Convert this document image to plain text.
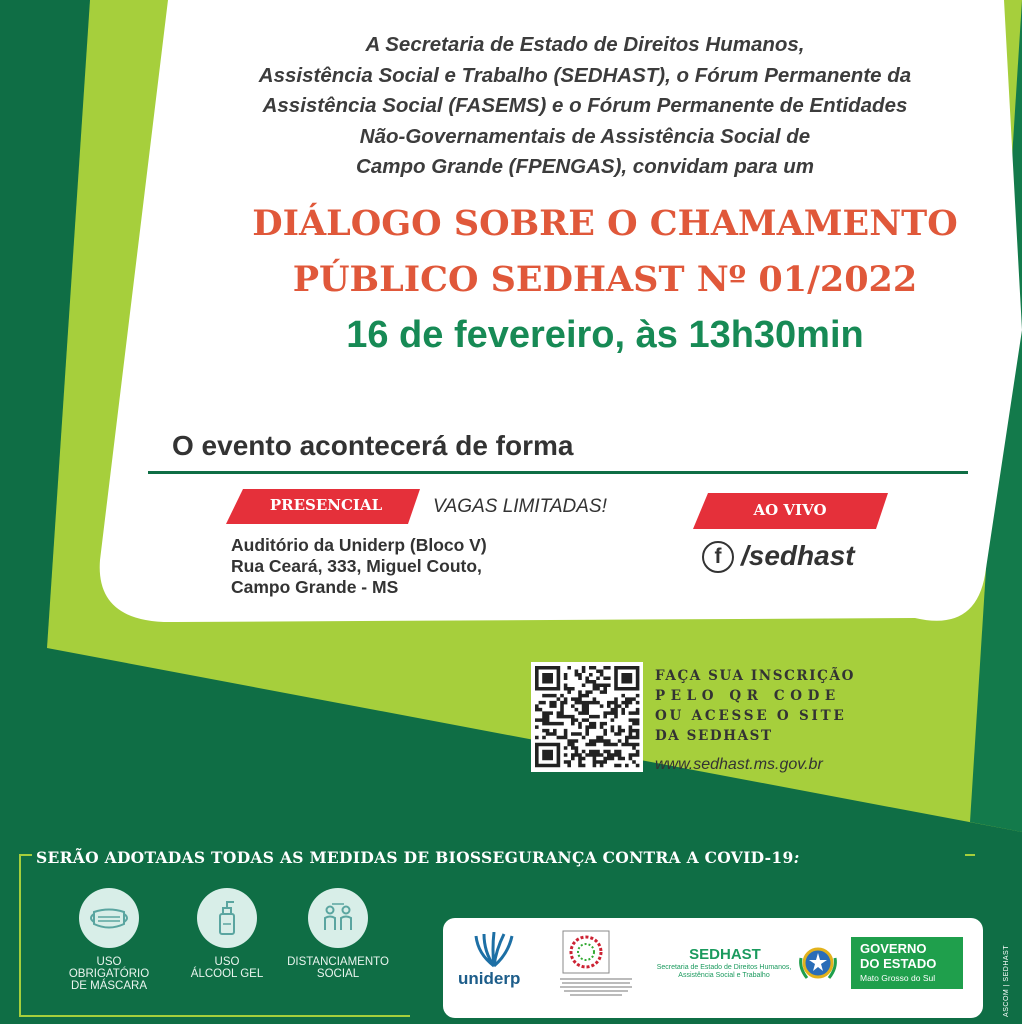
A Secretaria de Estado de Direitos Humanos,
Assistência Social e Trabalho (SEDHAST), o Fórum Permanente da
Assistência Social (FASEMS) e o Fórum Permanente de Entidades
Não-Governamentais de Assistência Social de
Campo Grande (FPENGAS), convidam para um
DIÁLOGO SOBRE O CHAMAMENTO
PÚBLICO SEDHAST Nº 01/2022
16 de fevereiro, às 13h30min
O evento acontecerá de forma
PRESENCIAL	VAGAS LIMITADAS!
Auditório da Uniderp (Bloco V)
Rua Ceará, 333, Miguel Couto,
Campo Grande - MS
AO VIVO
f /sedhast
FAÇA SUA INSCRIÇÃO
PELO QR CODE
OU ACESSE O SITE
DA SEDHAST
www.sedhast.ms.gov.br
SERÃO ADOTADAS TODAS AS MEDIDAS DE BIOSSEGURANÇA CONTRA A COVID-19:
USO
OBRIGATÓRIO
DE MÁSCARA
USO
ÁLCOOL GEL
DISTANCIAMENTO
SOCIAL	uniderp
SEDHAST
Secretaria de Estado de Direitos Humanos,
Assistência Social e Trabalho
GOVERNO
DO ESTADO
Mato Grosso do Sul	ASCOM | SEDHAST
